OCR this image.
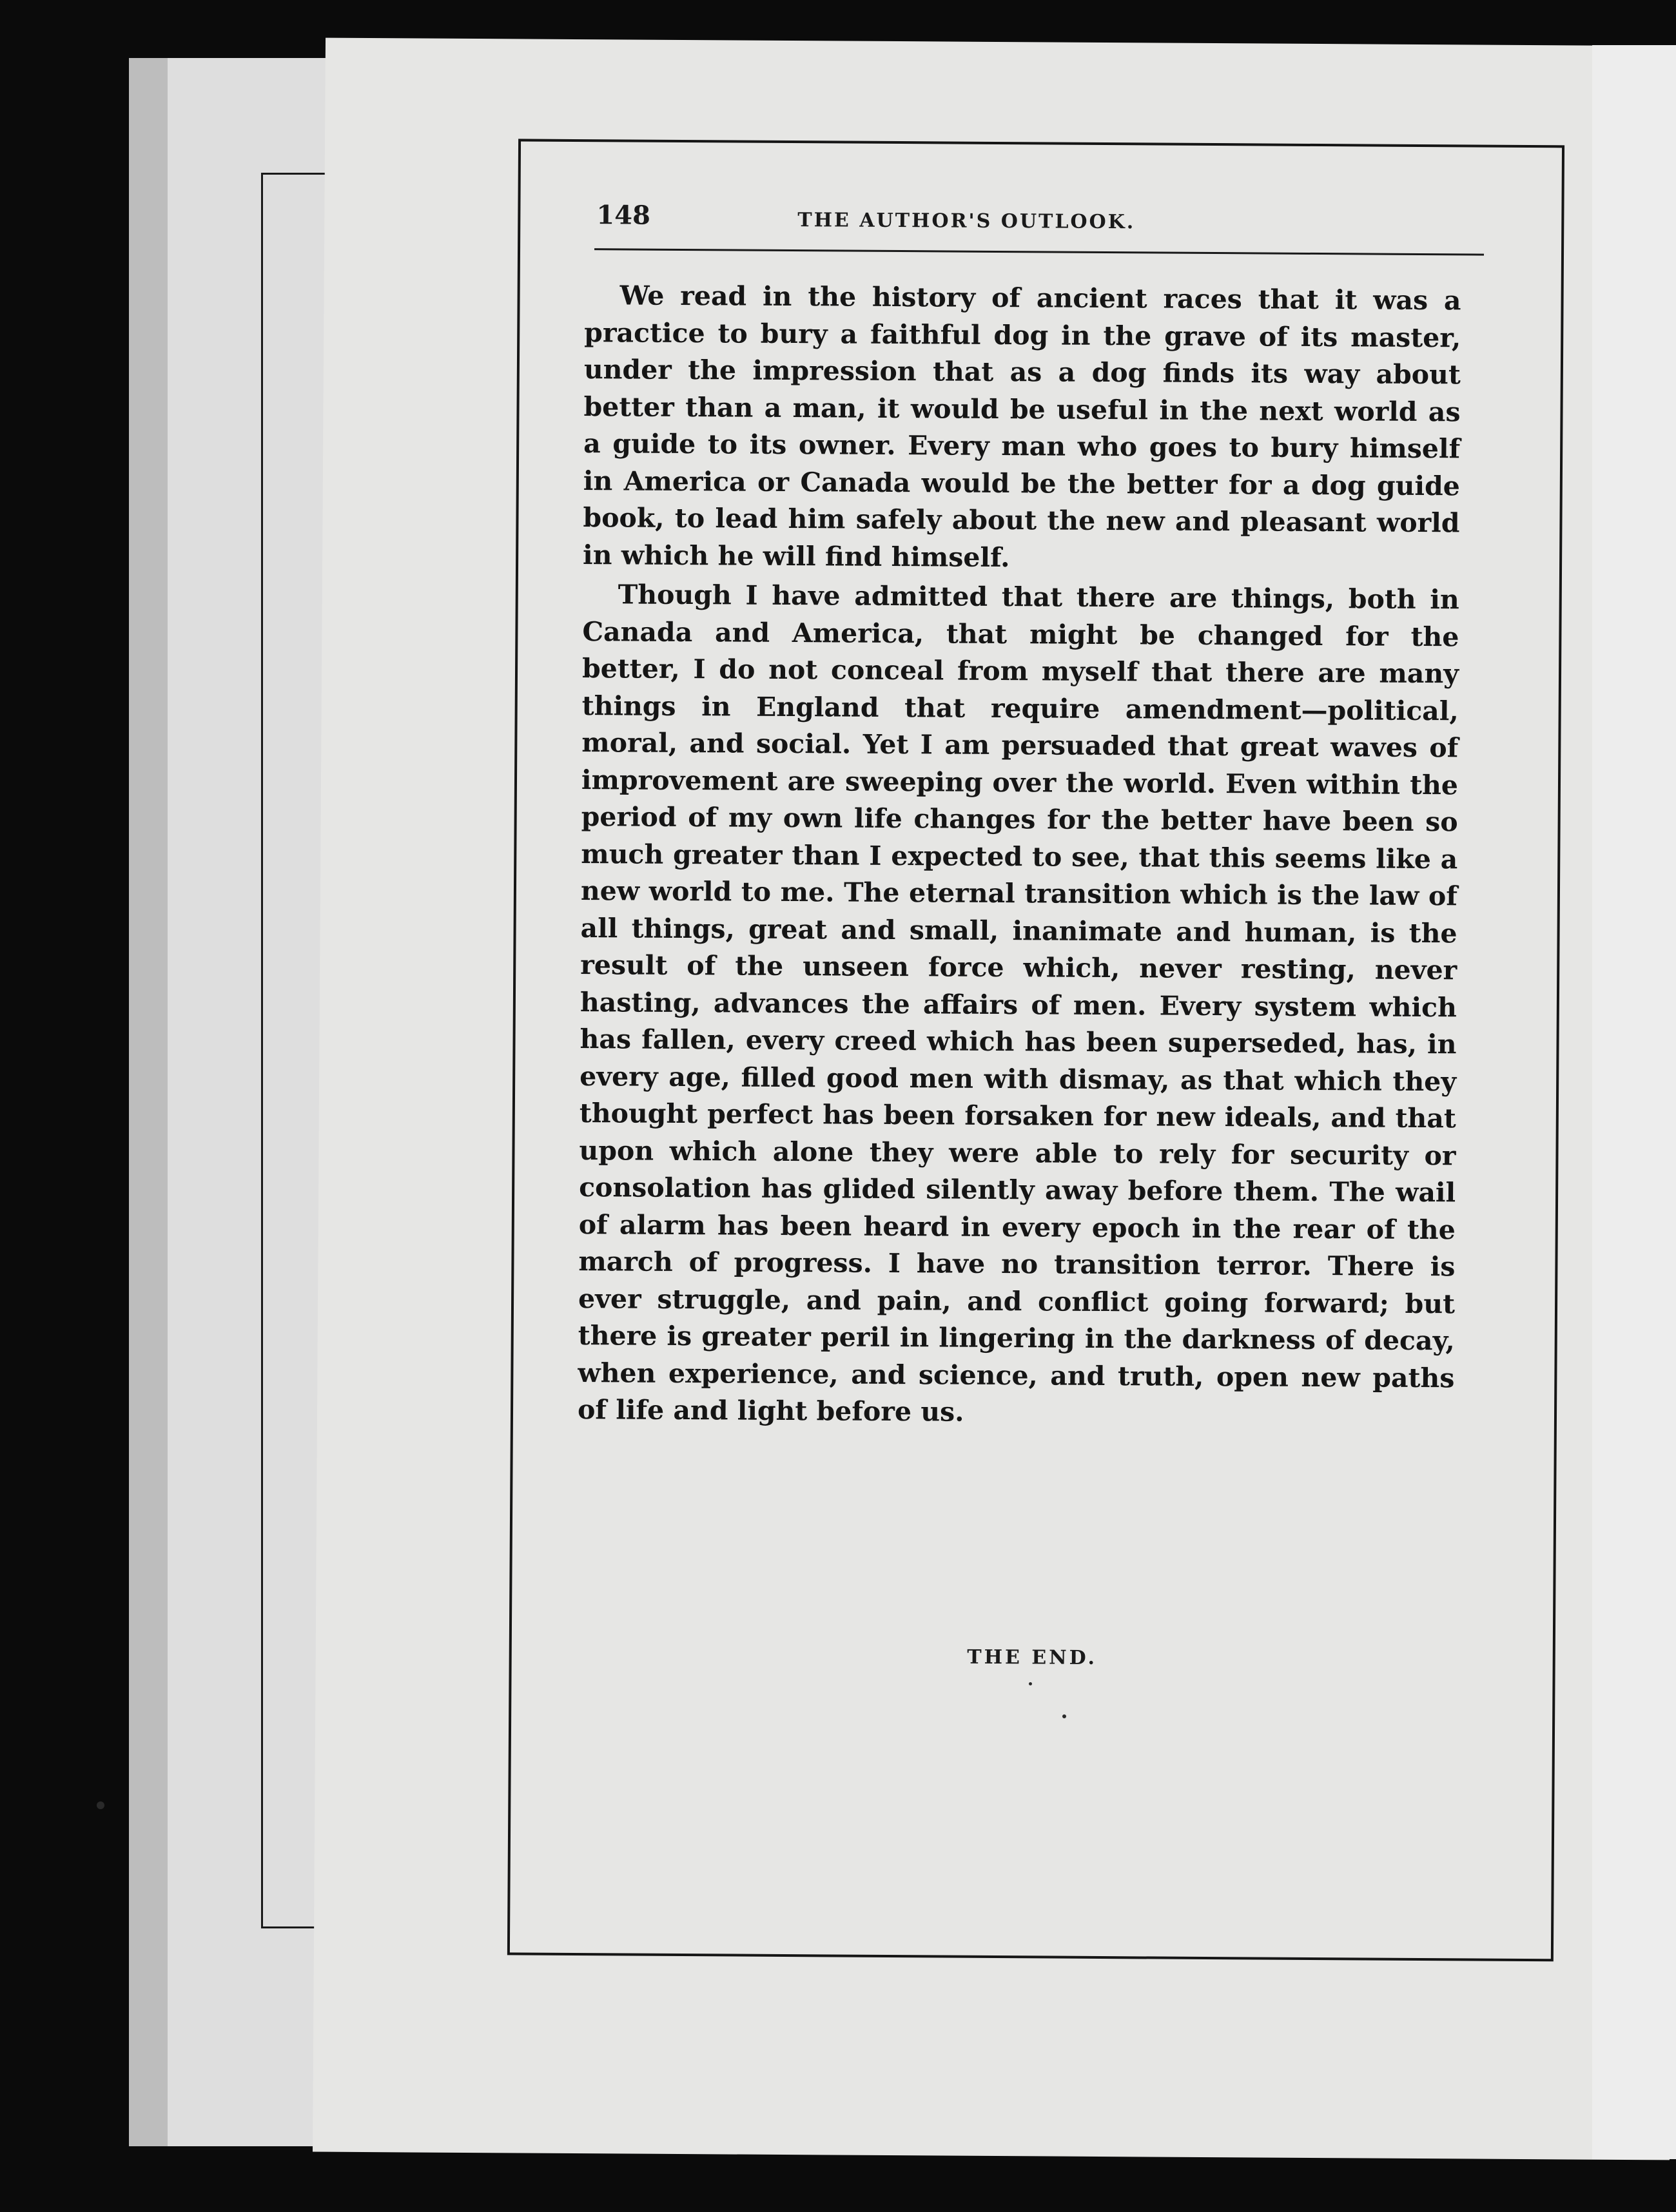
148	THE AUTHOR'S OUTLOOK.

We read in the history of ancient races that it was a practice to bury a faithful dog in the grave of its master, under the impression that as a dog finds its way about better than a man, it would be useful in the next world as a guide to its owner. Every man who goes to bury himself in America or Canada would be the better for a dog guide book, to lead him safely about the new and pleasant world in which he will find himself.

Though I have admitted that there are things, both in Canada and America, that might be changed for the better, I do not conceal from myself that there are many things in England that require amendment—political, moral, and social. Yet I am persuaded that great waves of improvement are sweeping over the world. Even within the period of my own life changes for the better have been so much greater than I expected to see, that this seems like a new world to me. The eternal transition which is the law of all things, great and small, inanimate and human, is the result of the unseen force which, never resting, never hasting, advances the affairs of men. Every system which has fallen, every creed which has been superseded, has, in every age, filled good men with dismay, as that which they thought perfect has been forsaken for new ideals, and that upon which alone they were able to rely for security or consolation has glided silently away before them. The wail of alarm has been heard in every epoch in the rear of the march of progress. I have no transition terror. There is ever struggle, and pain, and conflict going forward; but there is greater peril in lingering in the darkness of decay, when experience, and science, and truth, open new paths of life and light before us.

THE END.
